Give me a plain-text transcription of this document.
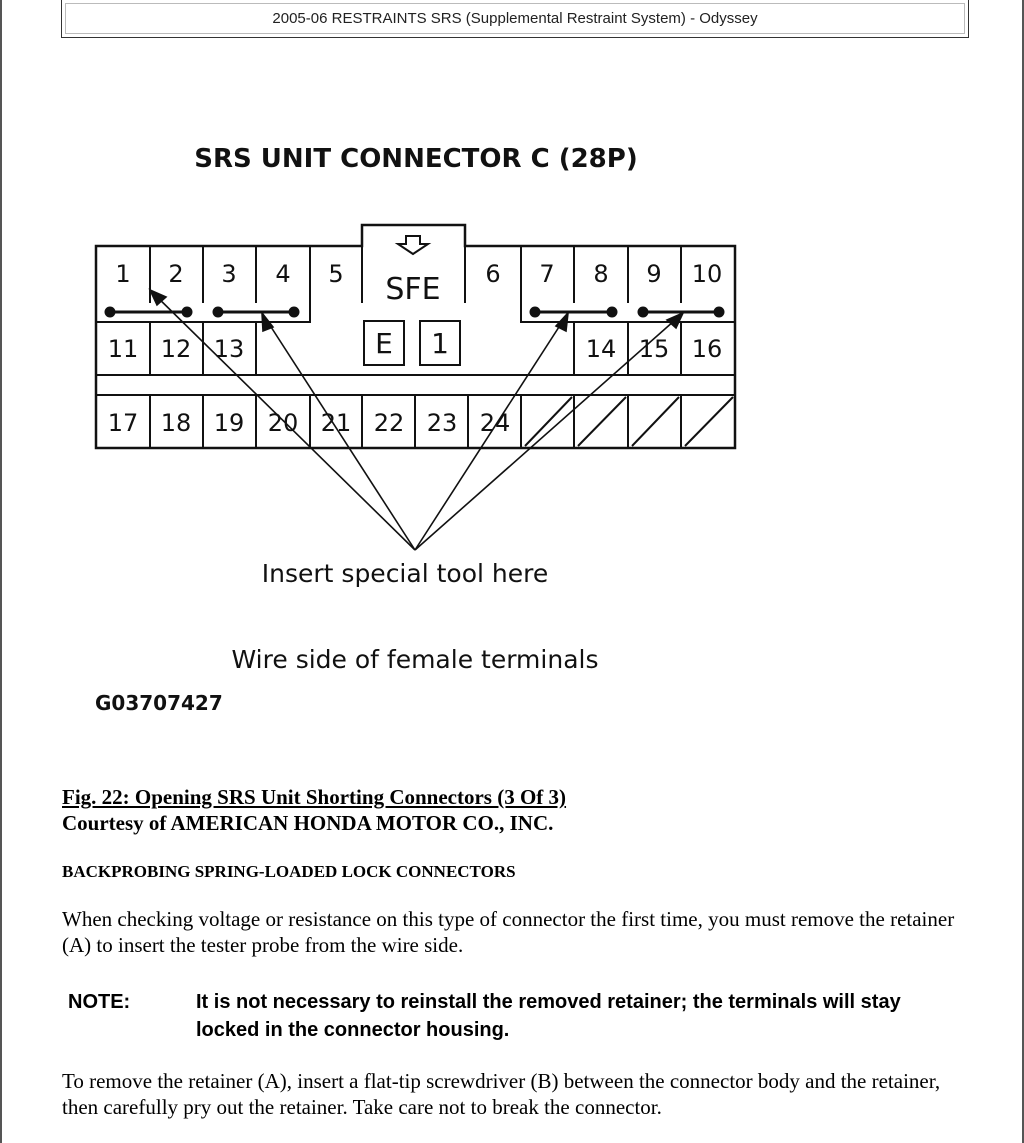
2005-06 RESTRAINTS SRS (Supplemental Restraint System) - Odyssey
SRS UNIT CONNECTOR C (28P)
1 2 3 4 5	6 7 8 9 10
SFE
11 12 13	E 1	14 15 16
17 18 19 20 21 22 23 24
Insert special tool here
Wire side of female terminals
G03707427
Fig. 22: Opening SRS Unit Shorting Connectors (3 Of 3)
Courtesy of AMERICAN HONDA MOTOR CO., INC.
BACKPROBING SPRING-LOADED LOCK CONNECTORS
When checking voltage or resistance on this type of connector the first time, you must remove the retainer (A) to insert the tester probe from the wire side.
NOTE:	It is not necessary to reinstall the removed retainer; the terminals will stay locked in the connector housing.
To remove the retainer (A), insert a flat-tip screwdriver (B) between the connector body and the retainer, then carefully pry out the retainer. Take care not to break the connector.
